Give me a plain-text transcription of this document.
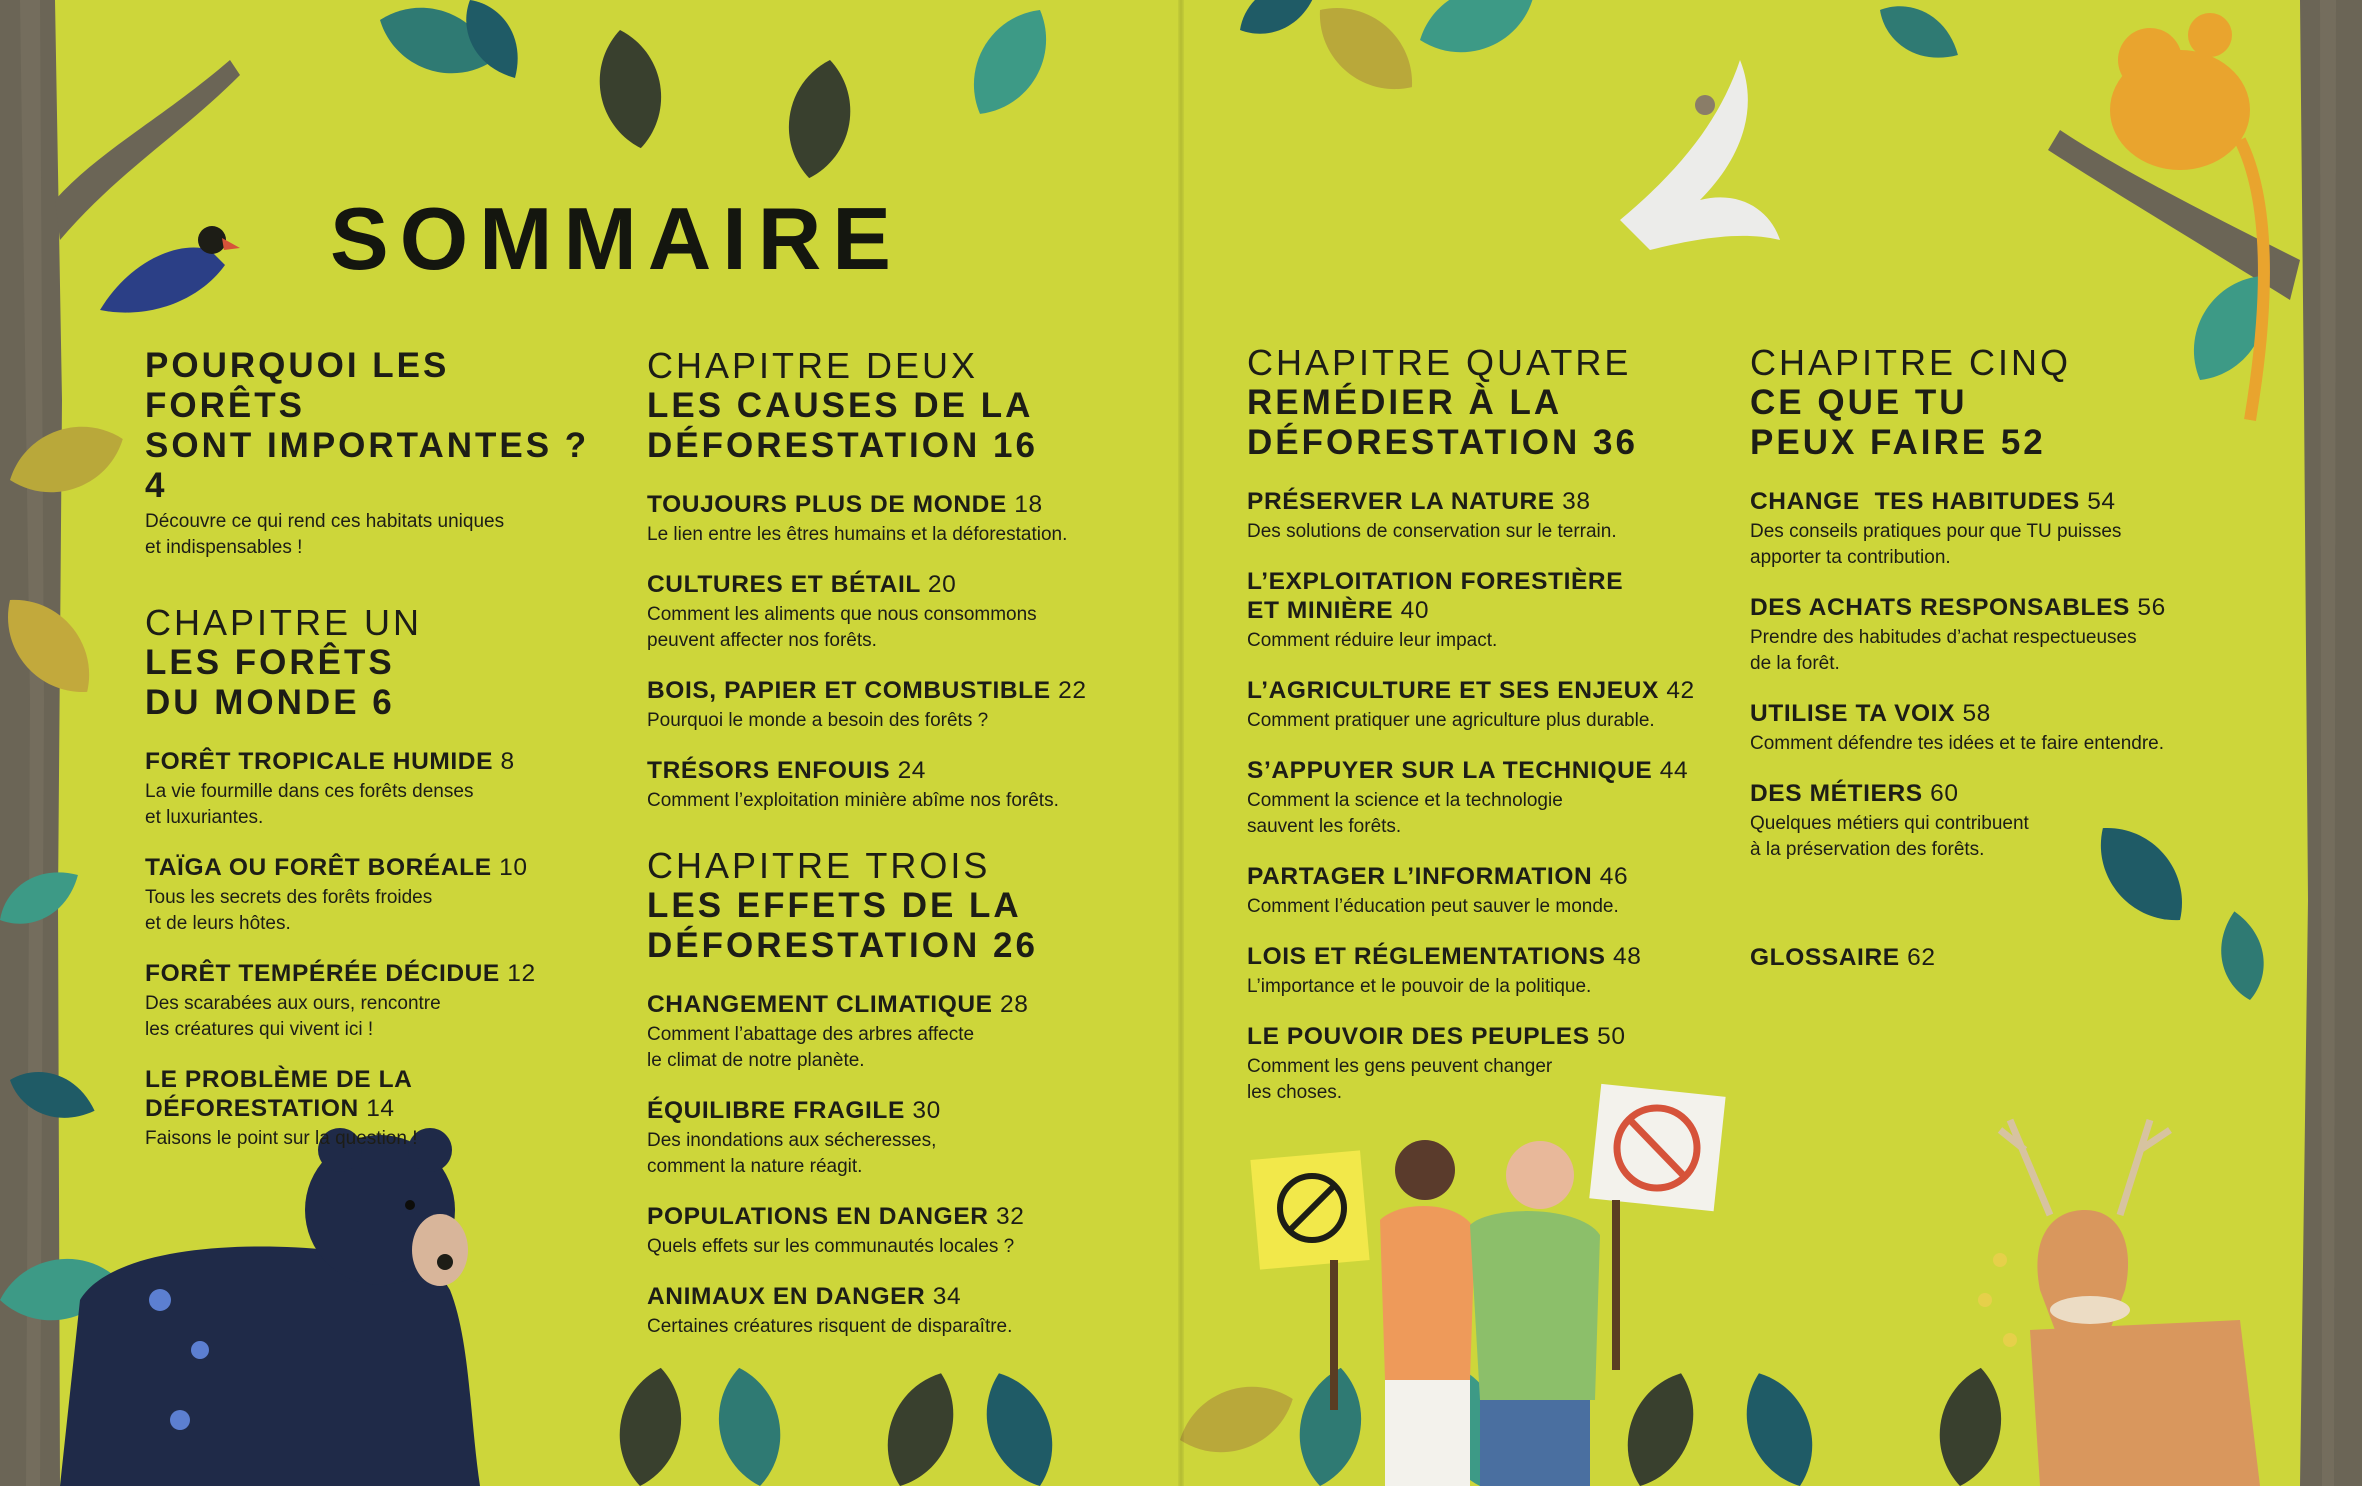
SOMMAIRE

POURQUOI LES FORÊTS
SONT IMPORTANTES ? 4

Découvre ce qui rend ces habitats uniques
et indispensables !

CHAPITRE UN

LES FORÊTS
DU MONDE 6

FORÊT TROPICALE HUMIDE 8
La vie fourmille dans ces forêts denses
et luxuriantes.
TAÏGA OU FORÊT BORÉALE 10
Tous les secrets des forêts froides
et de leurs hôtes.
FORÊT TEMPÉRÉE DÉCIDUE 12
Des scarabées aux ours, rencontre
les créatures qui vivent ici !
LE PROBLÈME DE LA
DÉFORESTATION 14
Faisons le point sur la question !

CHAPITRE DEUX

LES CAUSES DE LA
DÉFORESTATION 16

TOUJOURS PLUS DE MONDE 18
Le lien entre les êtres humains et la déforestation.
CULTURES ET BÉTAIL 20
Comment les aliments que nous consommons
peuvent affecter nos forêts.
BOIS, PAPIER ET COMBUSTIBLE 22
Pourquoi le monde a besoin des forêts ?
TRÉSORS ENFOUIS 24
Comment l’exploitation minière abîme nos forêts.

CHAPITRE TROIS

LES EFFETS DE LA
DÉFORESTATION 26

CHANGEMENT CLIMATIQUE 28
Comment l’abattage des arbres affecte
le climat de notre planète.
ÉQUILIBRE FRAGILE 30
Des inondations aux sécheresses,
comment la nature réagit.
POPULATIONS EN DANGER 32
Quels effets sur les communautés locales ?
ANIMAUX EN DANGER 34
Certaines créatures risquent de disparaître.

CHAPITRE QUATRE

REMÉDIER À LA
DÉFORESTATION 36

PRÉSERVER LA NATURE 38
Des solutions de conservation sur le terrain.
L’EXPLOITATION FORESTIÈRE
ET MINIÈRE 40
Comment réduire leur impact.
L’AGRICULTURE ET SES ENJEUX 42
Comment pratiquer une agriculture plus durable.
S’APPUYER SUR LA TECHNIQUE 44
Comment la science et la technologie
sauvent les forêts.
PARTAGER L’INFORMATION 46
Comment l’éducation peut sauver le monde.
LOIS ET RÉGLEMENTATIONS 48
L’importance et le pouvoir de la politique.
LE POUVOIR DES PEUPLES 50
Comment les gens peuvent changer
les choses.

CHAPITRE CINQ

CE QUE TU
PEUX FAIRE 52

CHANGE  TES HABITUDES 54
Des conseils pratiques pour que TU puisses
apporter ta contribution.
DES ACHATS RESPONSABLES 56
Prendre des habitudes d’achat respectueuses
de la forêt.
UTILISE TA VOIX 58
Comment défendre tes idées et te faire entendre.
DES MÉTIERS 60
Quelques métiers qui contribuent
à la préservation des forêts.
GLOSSAIRE 62
